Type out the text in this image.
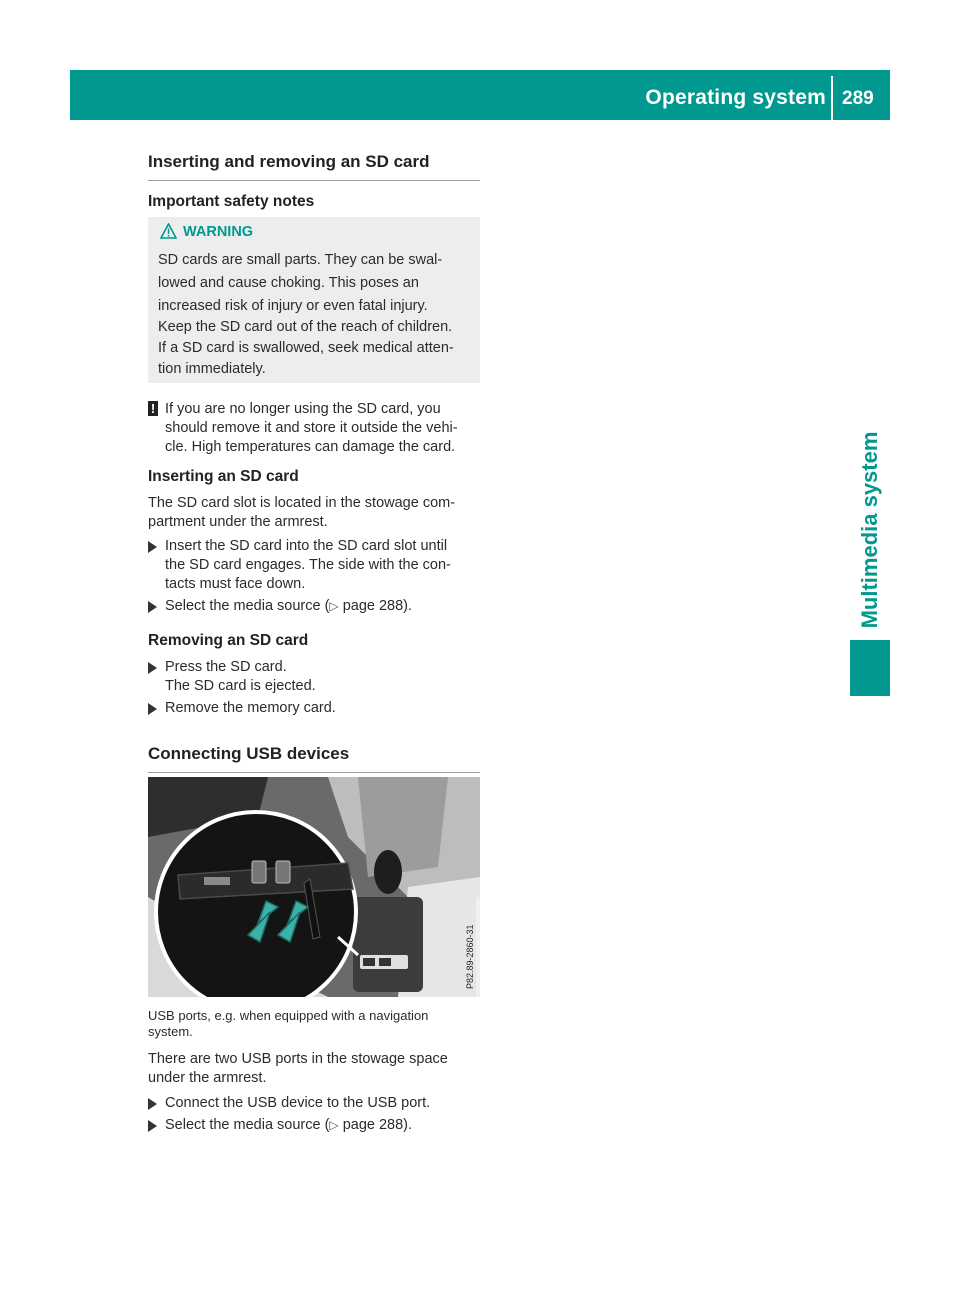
Operating system 289
Multimedia system
Inserting and removing an SD card
Important safety notes
WARNING
SD cards are small parts. They can be swal-
lowed and cause choking. This poses an
increased risk of injury or even fatal injury.
Keep the SD card out of the reach of children.
If a SD card is swallowed, seek medical atten-
tion immediately.
! If you are no longer using the SD card, you
should remove it and store it outside the vehi-
cle. High temperatures can damage the card.
Inserting an SD card
The SD card slot is located in the stowage com-
partment under the armrest.
Insert the SD card into the SD card slot until
the SD card engages. The side with the con-
tacts must face down.
Select the media source (▷ page 288).
Removing an SD card
Press the SD card.
The SD card is ejected.
Remove the memory card.
Connecting USB devices
P82.89-2860-31
USB ports, e.g. when equipped with a navigation
system.
There are two USB ports in the stowage space
under the armrest.
Connect the USB device to the USB port.
Select the media source (▷ page 288).
